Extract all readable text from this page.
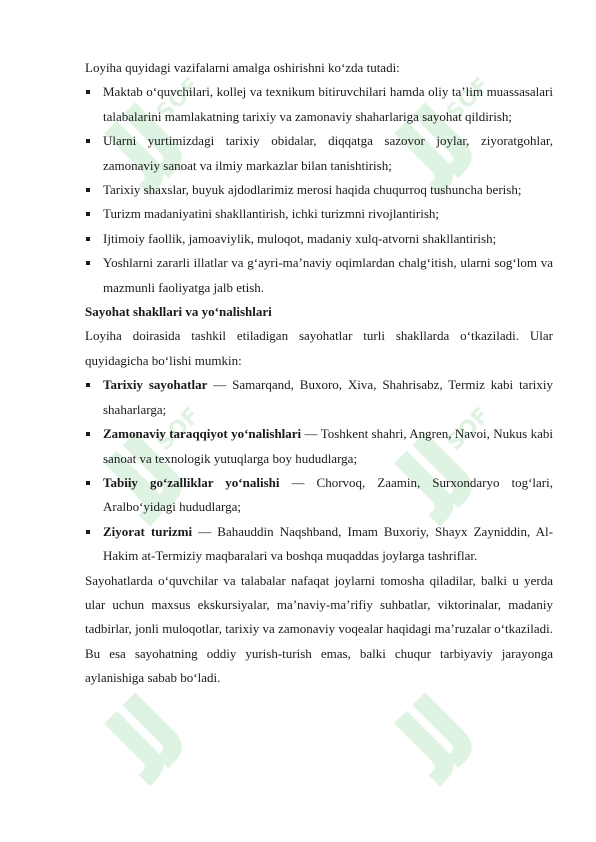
SOF	SOF
SOF	SOF

Loyiha quyidagi vazifalarni amalga oshirishni ko‘zda tutadi:

Maktab o‘quvchilari, kollej va texnikum bitiruvchilari hamda oliy ta’lim muassasalari talabalarini mamlakatning tarixiy va zamonaviy shaharlariga sayohat qildirish;
Ularni yurtimizdagi tarixiy obidalar, diqqatga sazovor joylar, ziyoratgohlar, zamonaviy sanoat va ilmiy markazlar bilan tanishtirish;
Tarixiy shaxslar, buyuk ajdodlarimiz merosi haqida chuqurroq tushuncha berish;
Turizm madaniyatini shakllantirish, ichki turizmni rivojlantirish;
Ijtimoiy faollik, jamoaviylik, muloqot, madaniy xulq-atvorni shakllantirish;
Yoshlarni zararli illatlar va g‘ayri-ma’naviy oqimlardan chalg‘itish, ularni sog‘lom va mazmunli faoliyatga jalb etish.

Sayohat shakllari va yo‘nalishlari

Loyiha doirasida tashkil etiladigan sayohatlar turli shakllarda o‘tkaziladi. Ular quyidagicha bo‘lishi mumkin:

Tarixiy sayohatlar — Samarqand, Buxoro, Xiva, Shahrisabz, Termiz kabi tarixiy shaharlarga;
Zamonaviy taraqqiyot yo‘nalishlari — Toshkent shahri, Angren, Navoi, Nukus kabi sanoat va texnologik yutuqlarga boy hududlarga;
Tabiiy go‘zalliklar yo‘nalishi — Chorvoq, Zaamin, Surxondaryo tog‘lari, Aralbo‘yidagi hududlarga;
Ziyorat turizmi — Bahauddin Naqshband, Imam Buxoriy, Shayx Zayniddin, Al-Hakim at-Termiziy maqbaralari va boshqa muqaddas joylarga tashriflar.

Sayohatlarda o‘quvchilar va talabalar nafaqat joylarni tomosha qiladilar, balki u yerda ular uchun maxsus ekskursiyalar, ma’naviy-ma’rifiy suhbatlar, viktorinalar, madaniy tadbirlar, jonli muloqotlar, tarixiy va zamonaviy voqealar haqidagi ma’ruzalar o‘tkaziladi. Bu esa sayohatning oddiy yurish-turish emas, balki chuqur tarbiyaviy jarayonga aylanishiga sabab bo‘ladi.
